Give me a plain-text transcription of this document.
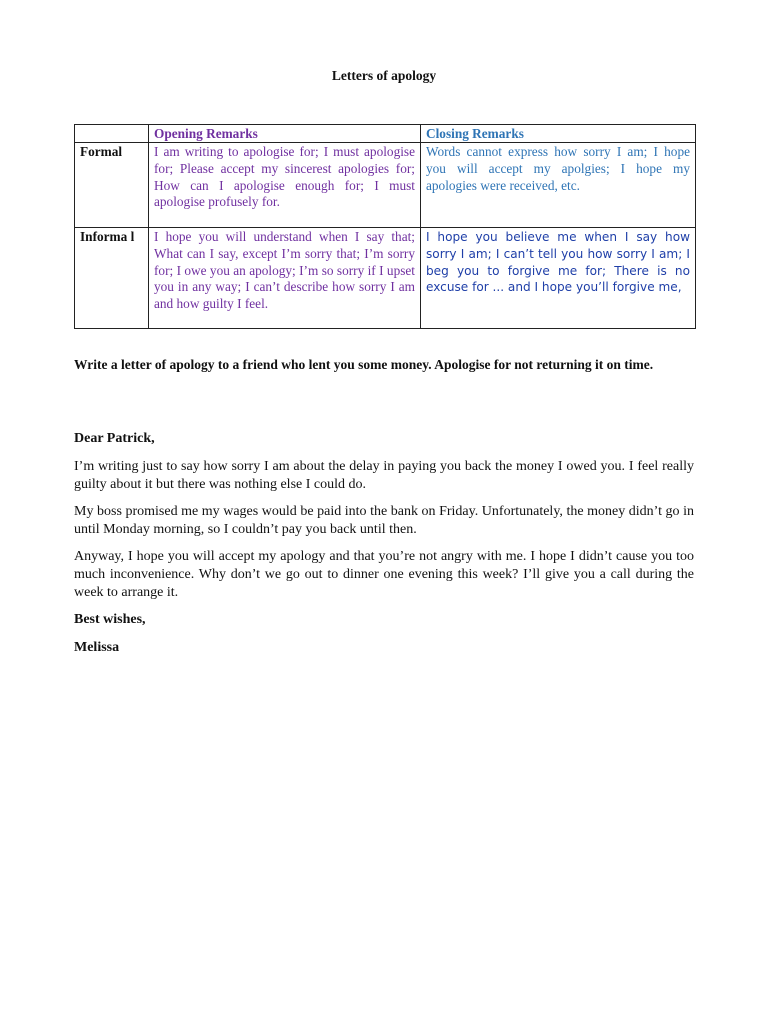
Letters of apology
	Opening Remarks	Closing Remarks
Formal	I am writing to apologise for; I must apologise for; Please accept my sincerest apologies for; How can I apologise enough for; I must apologise profusely for.	Words cannot express how sorry I am; I hope you will accept my apolgies; I hope my apologies were received, etc.

Informa l	I hope you will understand when I say that; What can I say, except I’m sorry that; I’m sorry for; I owe you an apology; I’m so sorry if I upset you in any way; I can’t describe how sorry I am and how guilty I feel.	I hope you believe me when I say how sorry I am; I can’t tell you how sorry I am; I beg you to forgive me for; There is no excuse for ... and I hope you’ll forgive me,
Write a letter of apology to a friend who lent you some money. Apologise for not returning it on time.

Dear Patrick,

I’m writing just to say how sorry I am about the delay in paying you back the money I owed you. I feel really guilty about it but there was nothing else I could do.

My boss promised me my wages would be paid into the bank on Friday. Unfortunately, the money didn’t go in until Monday morning, so I couldn’t pay you back until then.

Anyway, I hope you will accept my apology and that you’re not angry with me. I hope I didn’t cause you too much inconvenience. Why don’t we go out to dinner one evening this week? I’ll give you a call during the week to arrange it.

Best wishes,

Melissa
